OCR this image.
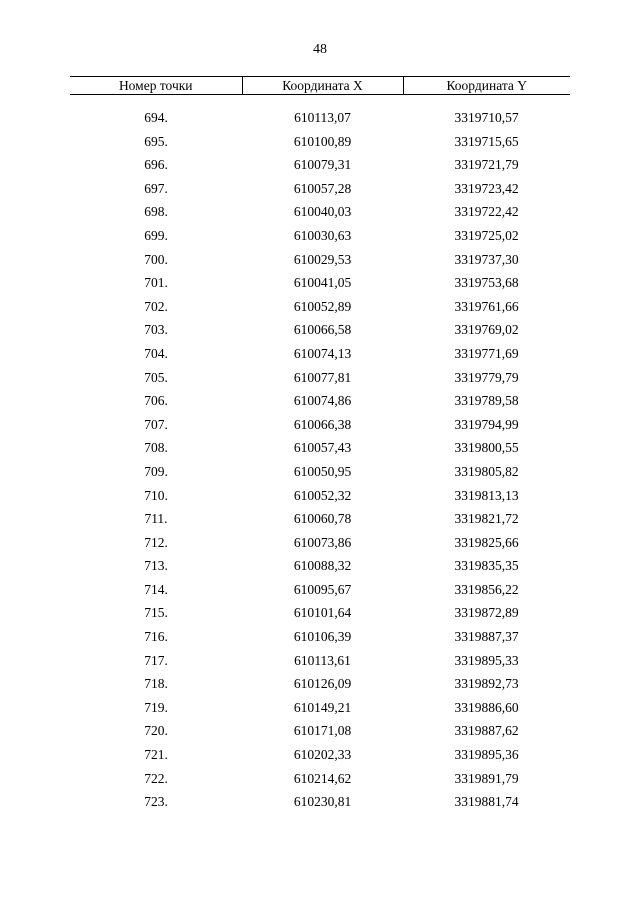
48
Номер точки	Координата X	Координата Y

694.	610113,07	3319710,57
695.	610100,89	3319715,65
696.	610079,31	3319721,79
697.	610057,28	3319723,42
698.	610040,03	3319722,42
699.	610030,63	3319725,02
700.	610029,53	3319737,30
701.	610041,05	3319753,68
702.	610052,89	3319761,66
703.	610066,58	3319769,02
704.	610074,13	3319771,69
705.	610077,81	3319779,79
706.	610074,86	3319789,58
707.	610066,38	3319794,99
708.	610057,43	3319800,55
709.	610050,95	3319805,82
710.	610052,32	3319813,13
711.	610060,78	3319821,72
712.	610073,86	3319825,66
713.	610088,32	3319835,35
714.	610095,67	3319856,22
715.	610101,64	3319872,89
716.	610106,39	3319887,37
717.	610113,61	3319895,33
718.	610126,09	3319892,73
719.	610149,21	3319886,60
720.	610171,08	3319887,62
721.	610202,33	3319895,36
722.	610214,62	3319891,79
723.	610230,81	3319881,74
